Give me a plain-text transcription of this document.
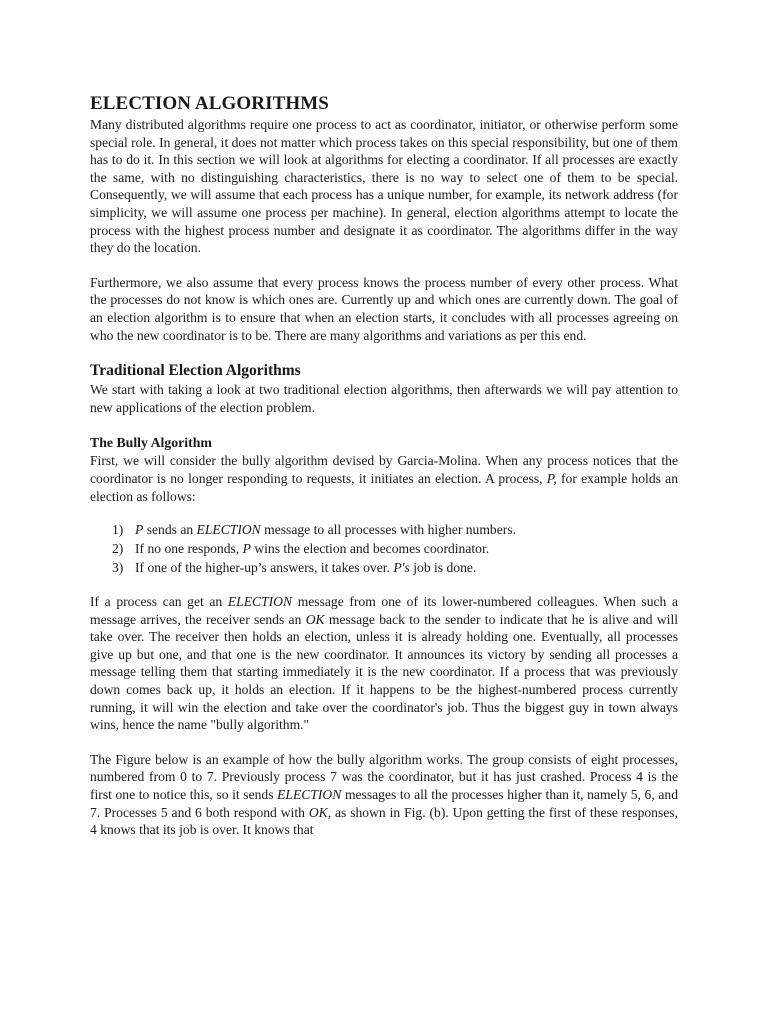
ELECTION ALGORITHMS

Many distributed algorithms require one process to act as coordinator, initiator, or otherwise perform some special role. In general, it does not matter which process takes on this special responsibility, but one of them has to do it. In this section we will look at algorithms for electing a coordinator. If all processes are exactly the same, with no distinguishing characteristics, there is no way to select one of them to be special. Consequently, we will assume that each process has a unique number, for example, its network address (for simplicity, we will assume one process per machine). In general, election algorithms attempt to locate the process with the highest process number and designate it as coordinator. The algorithms differ in the way they do the location.

Furthermore, we also assume that every process knows the process number of every other process. What the processes do not know is which ones are. Currently up and which ones are currently down. The goal of an election algorithm is to ensure that when an election starts, it concludes with all processes agreeing on who the new coordinator is to be. There are many algorithms and variations as per this end.

Traditional Election Algorithms

We start with taking a look at two traditional election algorithms, then afterwards we will pay attention to new applications of the election problem.

The Bully Algorithm

First, we will consider the bully algorithm devised by Garcia-Molina. When any process notices that the coordinator is no longer responding to requests, it initiates an election. A process, P, for example holds an election as follows:

1) P sends an ELECTION message to all processes with higher numbers.
2) If no one responds, P wins the election and becomes coordinator.
3) If one of the higher-up’s answers, it takes over. P's job is done.

If a process can get an ELECTION message from one of its lower-numbered colleagues. When such a message arrives, the receiver sends an OK message back to the sender to indicate that he is alive and will take over. The receiver then holds an election, unless it is already holding one. Eventually, all processes give up but one, and that one is the new coordinator. It announces its victory by sending all processes a message telling them that starting immediately it is the new coordinator. If a process that was previously down comes back up, it holds an election. If it happens to be the highest-numbered process currently running, it will win the election and take over the coordinator's job. Thus the biggest guy in town always wins, hence the name "bully algorithm."

The Figure below is an example of how the bully algorithm works. The group consists of eight processes, numbered from 0 to 7. Previously process 7 was the coordinator, but it has just crashed. Process 4 is the first one to notice this, so it sends ELECTION messages to all the processes higher than it, namely 5, 6, and 7. Processes 5 and 6 both respond with OK, as shown in Fig. (b). Upon getting the first of these responses, 4 knows that its job is over. It knows that
